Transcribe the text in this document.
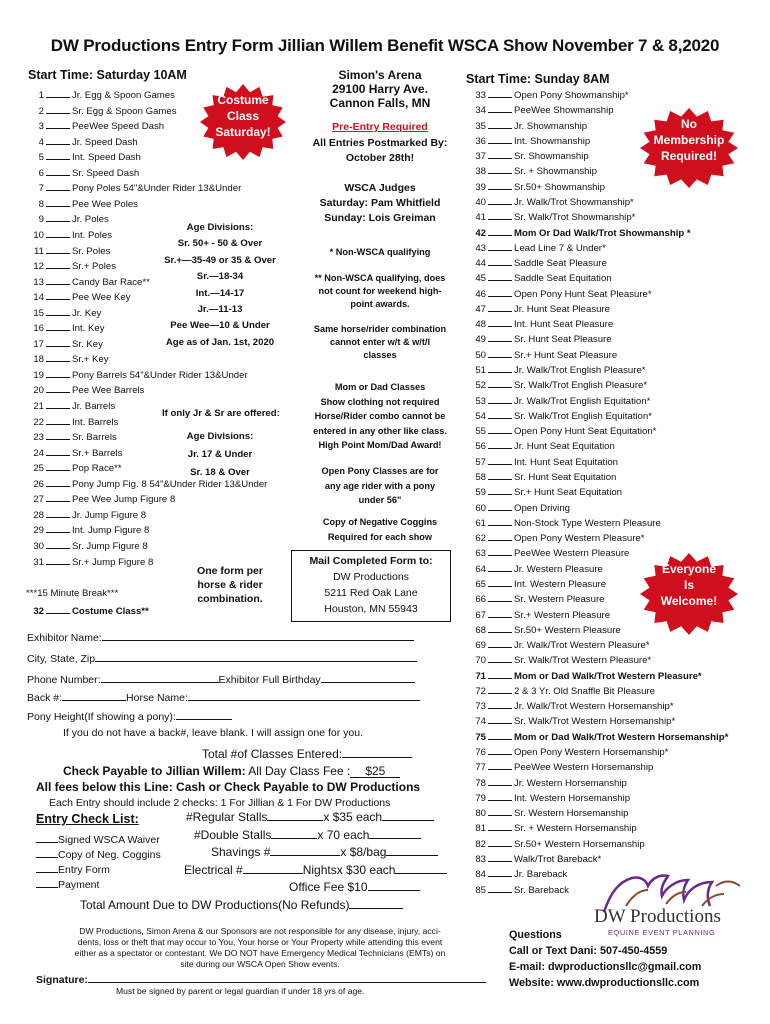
DW Productions Entry Form Jillian Willem Benefit WSCA Show November 7 & 8,2020
Start Time: Saturday 10AM
1	Jr. Egg & Spoon Games
2	Sr. Egg & Spoon Games
3	PeeWee Speed Dash
4	Jr. Speed Dash
5	Int. Speed Dash
6	Sr. Speed Dash
7	Pony Poles 54"&Under Rider 13&Under
8	Pee Wee Poles
9	Jr. Poles
10	Int. Poles
11	Sr. Poles
12	Sr.+ Poles
13	Candy Bar Race**
14	Pee Wee Key
15	Jr. Key
16	Int. Key
17	Sr. Key
18	Sr.+ Key
19	Pony Barrels 54"&Under Rider 13&Under
20	Pee Wee Barrels
21	Jr. Barrels
22	Int. Barrels
23	Sr. Barrels
24	Sr.+ Barrels
25	Pop Race**
26	Pony Jump Fig. 8 54"&Under Rider 13&Under
27	Pee Wee Jump Figure 8
28	Jr. Jump Figure 8
29	Int. Jump Figure 8
30	Sr. Jump Figure 8
31	Sr.+ Jump Figure 8
***15 Minute Break***
32	Costume Class**
Costume
Class
Saturday!
Age Divisions:
Sr. 50+ - 50 & Over
Sr.+—35-49 or 35 & Over
Sr.—18-34
Int.—14-17
Jr.—11-13
Pee Wee—10 & Under
Age as of Jan. 1st, 2020
If only Jr & Sr are offered:
Age Divisions:
Jr. 17 & Under
Sr. 18 & Over
One form per
horse & rider
combination.
Simon's Arena
29100 Harry Ave.
Cannon Falls, MN
Pre-Entry Required
All Entries Postmarked By:
October 28th!
WSCA Judges
Saturday: Pam Whitfield
Sunday: Lois Greiman
* Non-WSCA qualifying
** Non-WSCA qualifying, does
not count for weekend high-
point awards.
Same horse/rider combination
cannot enter w/t & w/t/l
classes
Mom or Dad Classes
Show clothing not required
Horse/Rider combo cannot be
entered in any other like class.
High Point Mom/Dad Award!
Open Pony Classes are for
any age rider with a pony
under 56"
Copy of Negative Coggins
Required for each show
Mail Completed Form to:
DW Productions
5211 Red Oak Lane
Houston, MN 55943
Start Time: Sunday 8AM
33	Open Pony Showmanship*
34	PeeWee Showmanship
35	Jr. Showmanship
36	Int. Showmanship
37	Sr. Showmanship
38	Sr. + Showmanship
39	Sr.50+ Showmanship
40	Jr. Walk/Trot Showmanship*
41	Sr. Walk/Trot Showmanship*
42	Mom Or Dad Walk/Trot Showmanship *
43	Lead Line 7 & Under*
44	Saddle Seat Pleasure
45	Saddle Seat Equitation
46	Open Pony Hunt Seat Pleasure*
47	Jr. Hunt Seat Pleasure
48	Int. Hunt Seat Pleasure
49	Sr. Hunt Seat Pleasure
50	Sr.+ Hunt Seat Pleasure
51	Jr. Walk/Trot English Pleasure*
52	Sr. Walk/Trot English Pleasure*
53	Jr. Walk/Trot English Equitation*
54	Sr. Walk/Trot English Equitation*
55	Open Pony Hunt Seat Equitation*
56	Jr. Hunt Seat Equitation
57	Int. Hunt Seat Equitation
58	Sr. Hunt Seat Equitation
59	Sr.+ Hunt Seat Equitation
60	Open Driving
61	Non-Stock Type Western Pleasure
62	Open Pony Western Pleasure*
63	PeeWee Western Pleasure
64	Jr. Western Pleasure
65	Int. Western Pleasure
66	Sr. Western Pleasure
67	Sr.+ Western Pleasure
68	Sr.50+ Western Pleasure
69	Jr. Walk/Trot Western Pleasure*
70	Sr. Walk/Trot Western Pleasure*
71	Mom or Dad Walk/Trot Western Pleasure*
72	2 & 3 Yr. Old Snaffle Bit Pleasure
73	Jr. Walk/Trot Western Horsemanship*
74	Sr. Walk/Trot Western Horsemanship*
75	Mom or Dad Walk/Trot Western Horsemanship*
76	Open Pony Western Horsemanship*
77	PeeWee Western Horsemanship
78	Jr. Western Horsemanship
79	Int. Western Horsemanship
80	Sr. Western Horsemanship
81	Sr. + Western Horsemanship
82	Sr.50+ Western Horsemanship
83	Walk/Trot Bareback*
84	Jr. Bareback
85	Sr. Bareback
No
Membership
Required!
Everyone
Is
Welcome!
Exhibitor Name:
City, State, Zip
Phone Number:	Exhibitor Full Birthday
Back #:	Horse Name:
Pony Height(If showing a pony):
If you do not have a back#, leave blank. I will assign one for you.
Total #of Classes Entered:
Check Payable to Jillian Willem: All Day Class Fee : $25
All fees below this Line: Cash or Check Payable to DW Productions
Each Entry should include 2 checks: 1 For Jillian & 1 For DW Productions
Entry Check List:
Signed WSCA Waiver
Copy of Neg. Coggins
Entry Form
Payment
#Regular Stalls	x $35 each
#Double Stalls	x 70 each
Shavings #	x $8/bag
Electrical #	Nightsx $30 each
Office Fee $10
Total Amount Due to DW Productions(No Refunds)
DW Productions, Simon Arena & our Sponsors are not responsible for any disease, injury, acci-
dents, loss or theft that may occur to You, Your horse or Your Property while attending this event
either as a spectator or contestant. We DO NOT have Emergency Medical Technicians (EMTs) on
site during our WSCA Open Show events.
Signature:
Must be signed by parent or legal guardian if under 18 yrs of age.
DW Productions
EQUINE EVENT PLANNING
Questions
Call or Text Dani: 507-450-4559
E-mail: dwproductionsllc@gmail.com
Website: www.dwproductionsllc.com
